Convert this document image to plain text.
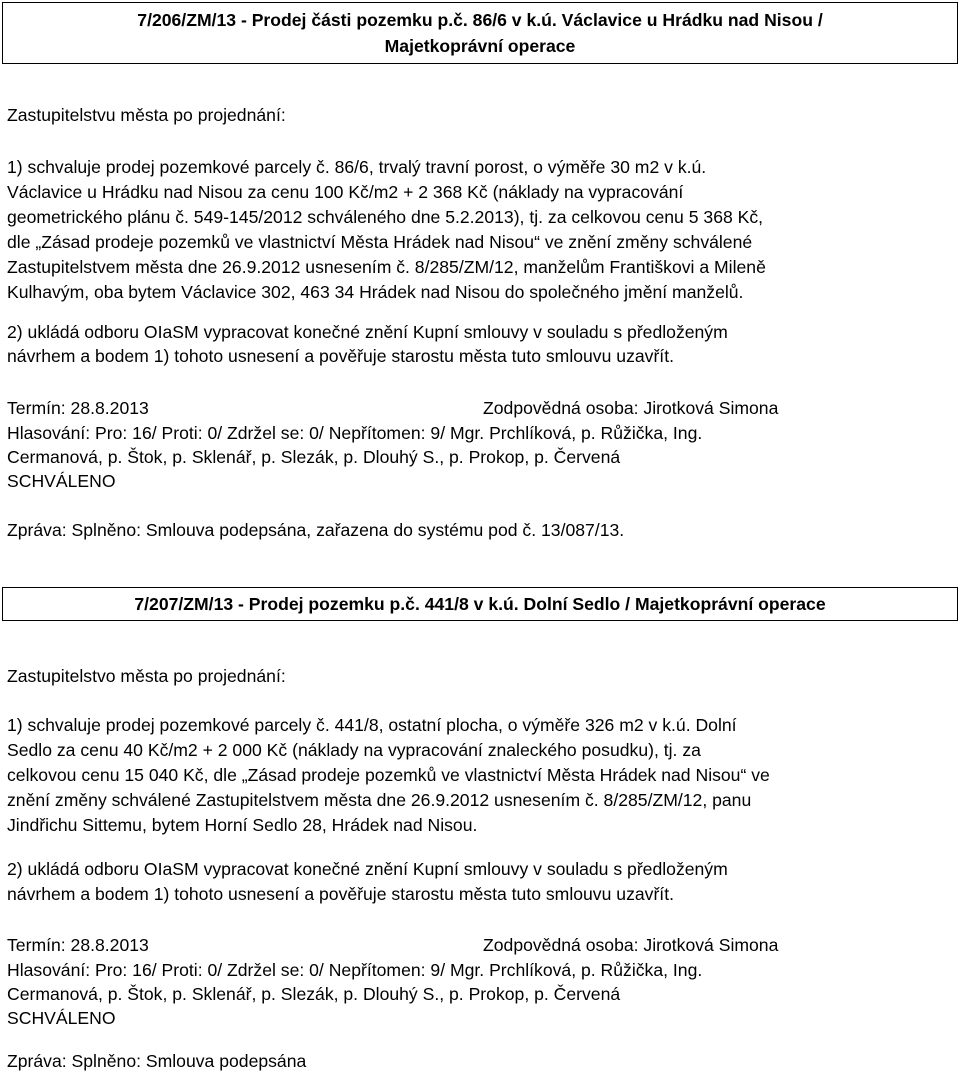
7/206/ZM/13 - Prodej části pozemku p.č. 86/6 v k.ú. Václavice u Hrádku nad Nisou /
Majetkoprávní operace
Zastupitelstvu města po projednání:
1) schvaluje prodej pozemkové parcely č. 86/6, trvalý travní porost, o výměře 30 m2 v k.ú.
Václavice u Hrádku nad Nisou za cenu 100 Kč/m2 + 2 368 Kč (náklady na vypracování
geometrického plánu č. 549-145/2012 schváleného dne 5.2.2013), tj. za celkovou cenu 5 368 Kč,
dle „Zásad prodeje pozemků ve vlastnictví Města Hrádek nad Nisou“ ve znění změny schválené
Zastupitelstvem města dne 26.9.2012 usnesením č. 8/285/ZM/12, manželům Františkovi a Mileně
Kulhavým, oba bytem Václavice 302, 463 34 Hrádek nad Nisou do společného jmění manželů.
2) ukládá odboru OIaSM vypracovat konečné znění Kupní smlouvy v souladu s předloženým
návrhem a bodem 1) tohoto usnesení a pověřuje starostu města tuto smlouvu uzavřít.
Termín: 28.8.2013	Zodpovědná osoba: Jirotková Simona
Hlasování: Pro: 16/ Proti: 0/ Zdržel se: 0/ Nepřítomen: 9/ Mgr. Prchlíková, p. Růžička, Ing.
Cermanová, p. Štok, p. Sklenář, p. Slezák, p. Dlouhý S., p. Prokop, p. Červená
SCHVÁLENO
Zpráva: Splněno: Smlouva podepsána, zařazena do systému pod č. 13/087/13.
7/207/ZM/13 - Prodej pozemku p.č. 441/8 v k.ú. Dolní Sedlo / Majetkoprávní operace
Zastupitelstvo města po projednání:
1) schvaluje prodej pozemkové parcely č. 441/8, ostatní plocha, o výměře 326 m2 v k.ú. Dolní
Sedlo za cenu 40 Kč/m2 + 2 000 Kč (náklady na vypracování znaleckého posudku), tj. za
celkovou cenu 15 040 Kč, dle „Zásad prodeje pozemků ve vlastnictví Města Hrádek nad Nisou“ ve
znění změny schválené Zastupitelstvem města dne 26.9.2012 usnesením č. 8/285/ZM/12, panu
Jindřichu Sittemu, bytem Horní Sedlo 28, Hrádek nad Nisou.
2) ukládá odboru OIaSM vypracovat konečné znění Kupní smlouvy v souladu s předloženým
návrhem a bodem 1) tohoto usnesení a pověřuje starostu města tuto smlouvu uzavřít.
Termín: 28.8.2013	Zodpovědná osoba: Jirotková Simona
Hlasování: Pro: 16/ Proti: 0/ Zdržel se: 0/ Nepřítomen: 9/ Mgr. Prchlíková, p. Růžička, Ing.
Cermanová, p. Štok, p. Sklenář, p. Slezák, p. Dlouhý S., p. Prokop, p. Červená
SCHVÁLENO
Zpráva: Splněno: Smlouva podepsána
